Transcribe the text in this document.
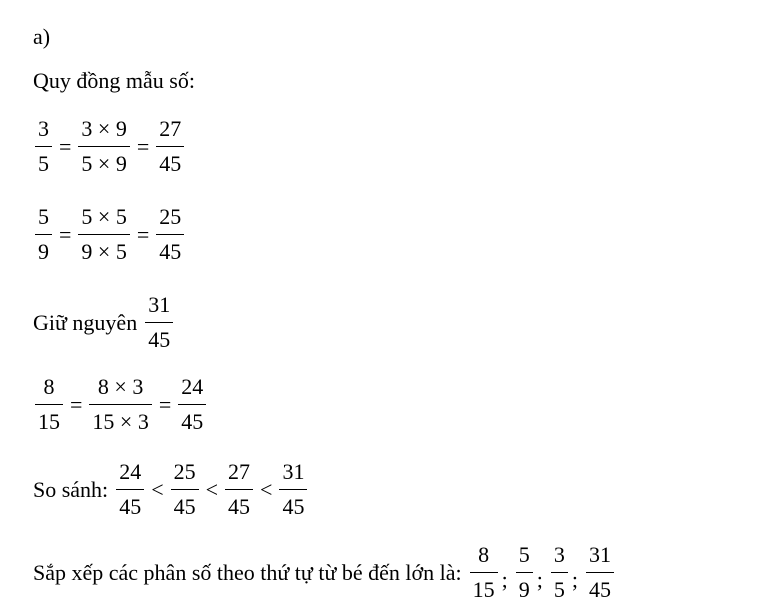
a)
Quy đồng mẫu số:
$\frac{3}{5} = \frac{3 \times 9}{5 \times 9} = \frac{27}{45}$
$\frac{5}{9} = \frac{5 \times 5}{9 \times 5} = \frac{25}{45}$
Giữ nguyên $\frac{31}{45}$
$\frac{8}{15} = \frac{8 \times 3}{15 \times 3} = \frac{24}{45}$
So sánh: $\frac{24}{45} < \frac{25}{45} < \frac{27}{45} < \frac{31}{45}$
Sắp xếp các phân số theo thứ tự từ bé đến lớn là: $\frac{8}{15}$ ; $\frac{5}{9}$ ; $\frac{3}{5}$ ; $\frac{31}{45}$
